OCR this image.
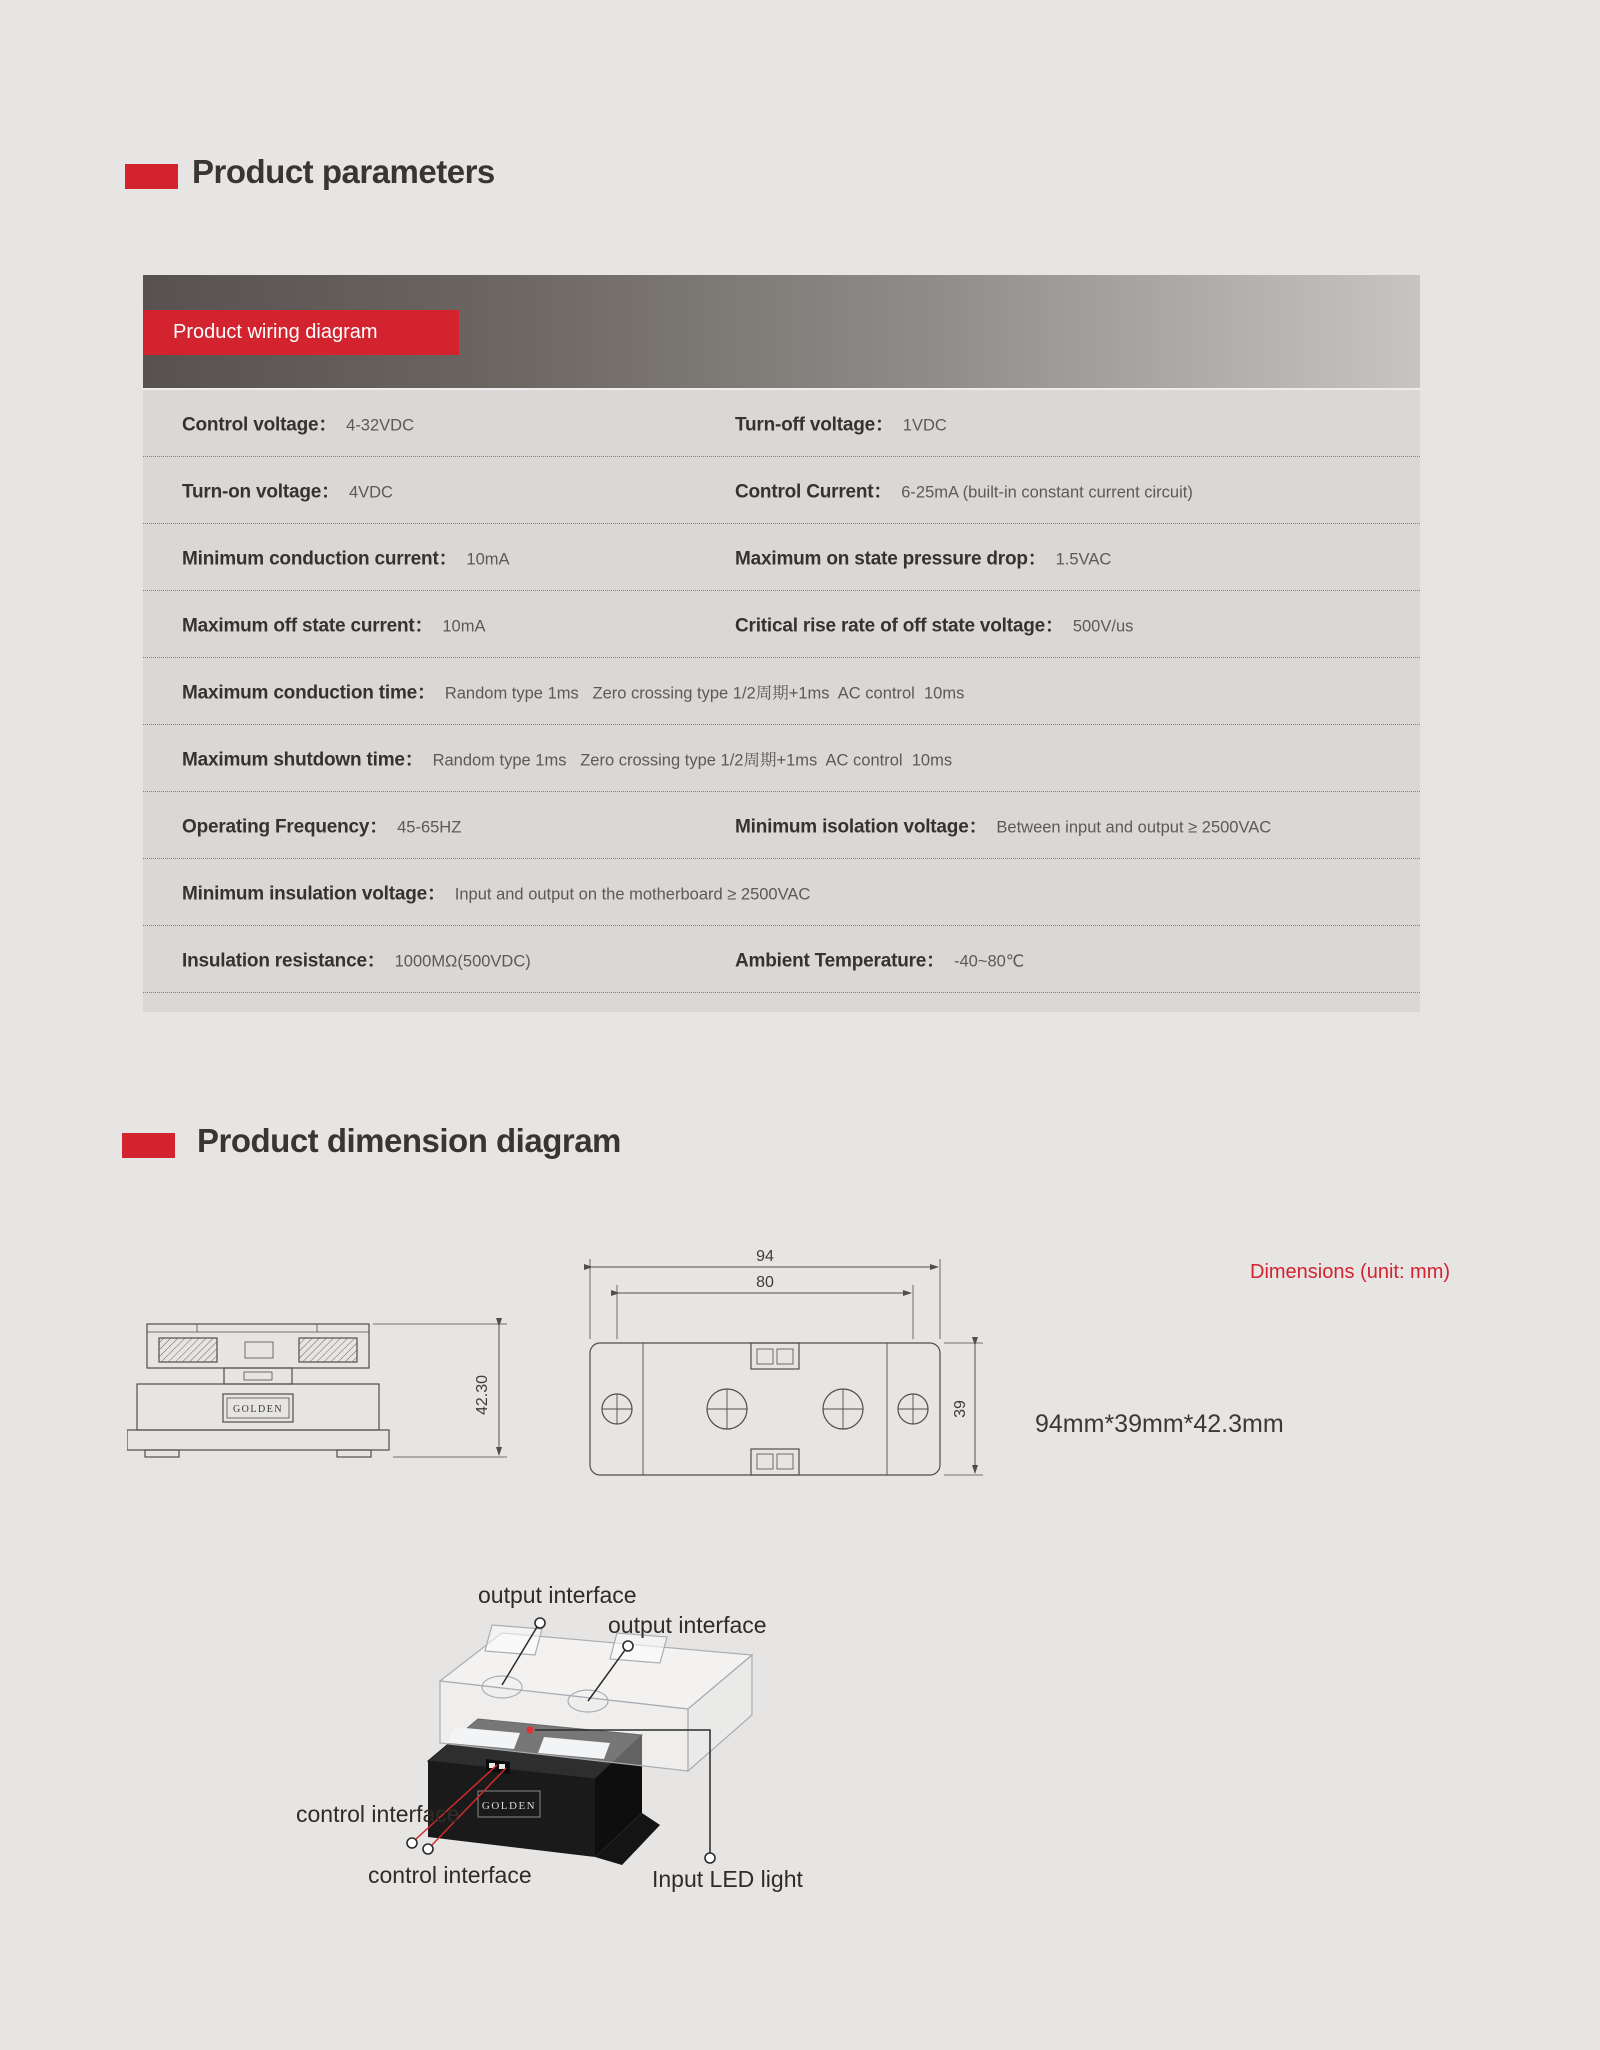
Product parameters
Product wiring diagram
Control voltage： 4-32VDC	Turn-off voltage： 1VDC
Turn-on voltage： 4VDC	Control Current： 6-25mA (built-in constant current circuit)
Minimum conduction current： 10mA	Maximum on state pressure drop： 1.5VAC
Maximum off state current： 10mA	Critical rise rate of off state voltage： 500V/us
Maximum conduction time： Random type 1ms   Zero crossing type 1/2周期+1ms  AC control  10ms
Maximum shutdown time： Random type 1ms   Zero crossing type 1/2周期+1ms  AC control  10ms
Operating Frequency： 45-65HZ	Minimum isolation voltage： Between input and output ≥ 2500VAC
Minimum insulation voltage： Input and output on the motherboard ≥ 2500VAC
Insulation resistance： 1000MΩ(500VDC)	Ambient Temperature： -40~80℃
Product dimension diagram
Dimensions (unit: mm)
94mm*39mm*42.3mm
GOLDEN	42.30
94
80
39
GOLDEN
output interface
output interface
control interface
control interface	Input LED light
